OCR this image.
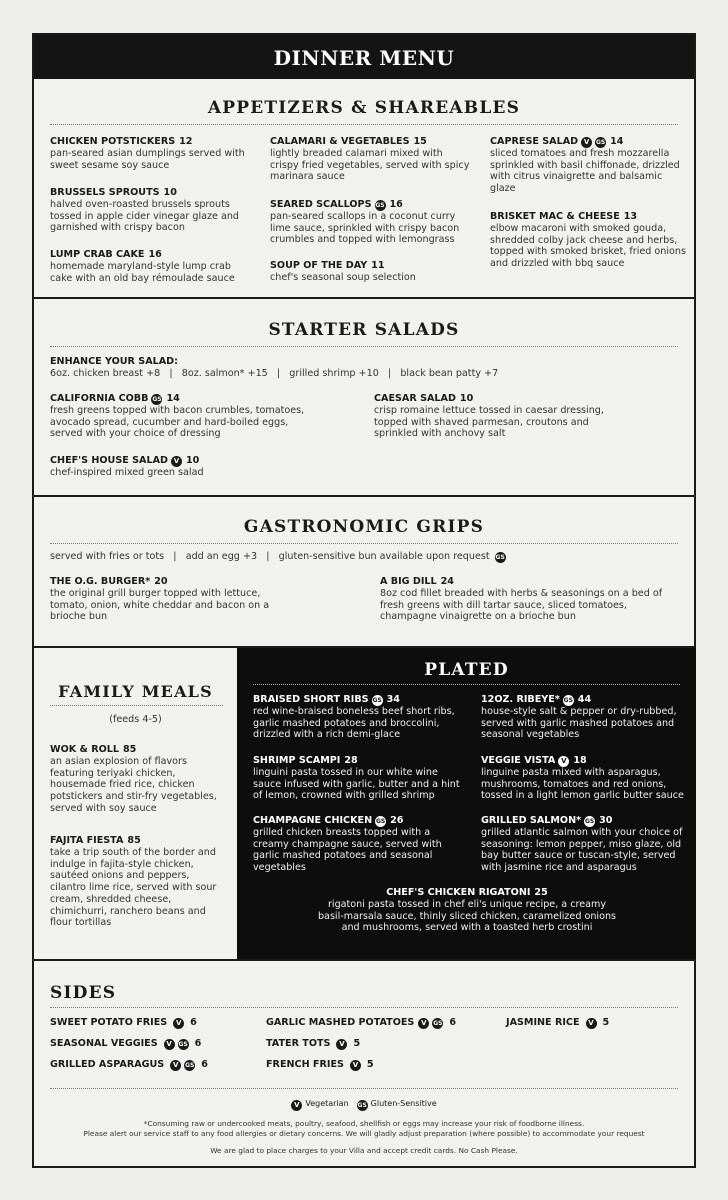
DINNER MENU
APPETIZERS & SHAREABLES
CHICKEN POTSTICKERS 12
pan-seared asian dumplings served with sweet sesame soy sauce
BRUSSELS SPROUTS 10
halved oven-roasted brussels sprouts tossed in apple cider vinegar glaze and garnished with crispy bacon
LUMP CRAB CAKE 16
homemade maryland-style lump crab cake with an old bay rémoulade sauce
CALAMARI & VEGETABLES 15
lightly breaded calamari mixed with crispy fried vegetables, served with spicy marinara sauce
SEARED SCALLOPS GS 16
pan-seared scallops in a coconut curry lime sauce, sprinkled with crispy bacon crumbles and topped with lemongrass
SOUP OF THE DAY 11
chef's seasonal soup selection
CAPRESE SALAD V GS 14
sliced tomatoes and fresh mozzarella sprinkled with basil chiffonade, drizzled with citrus vinaigrette and balsamic glaze
BRISKET MAC & CHEESE 13
elbow macaroni with smoked gouda, shredded colby jack cheese and herbs, topped with smoked brisket, fried onions and drizzled with bbq sauce
STARTER SALADS
ENHANCE YOUR SALAD:
6oz. chicken breast +8   |   8oz. salmon* +15   |   grilled shrimp +10   |   black bean patty +7
CALIFORNIA COBB GS 14
fresh greens topped with bacon crumbles, tomatoes, avocado spread, cucumber and hard-boiled eggs, served with your choice of dressing
CHEF'S HOUSE SALAD V 10
chef-inspired mixed green salad
CAESAR SALAD 10
crisp romaine lettuce tossed in caesar dressing, topped with shaved parmesan, croutons and sprinkled with anchovy salt
GASTRONOMIC GRIPS
served with fries or tots   |   add an egg +3   |   gluten-sensitive bun available upon request GS
THE O.G. BURGER* 20
the original grill burger topped with lettuce, tomato, onion, white cheddar and bacon on a brioche bun
A BIG DILL 24
8oz cod fillet breaded with herbs & seasonings on a bed of fresh greens with dill tartar sauce, sliced tomatoes, champagne vinaigrette on a brioche bun
FAMILY MEALS
(feeds 4-5)
WOK & ROLL 85
an asian explosion of flavors featuring teriyaki chicken, housemade fried rice, chicken potstickers and stir-fry vegetables, served with soy sauce
FAJITA FIESTA 85
take a trip south of the border and indulge in fajita-style chicken, sautéed onions and peppers, cilantro lime rice, served with sour cream, shredded cheese, chimichurri, ranchero beans and flour tortillas
PLATED
BRAISED SHORT RIBS GS 34
red wine-braised boneless beef short ribs, garlic mashed potatoes and broccolini, drizzled with a rich demi-glace
SHRIMP SCAMPI 28
linguini pasta tossed in our white wine sauce infused with garlic, butter and a hint of lemon, crowned with grilled shrimp
CHAMPAGNE CHICKEN GS 26
grilled chicken breasts topped with a creamy champagne sauce, served with garlic mashed potatoes and seasonal vegetables
12OZ. RIBEYE* GS 44
house-style salt & pepper or dry-rubbed, served with garlic mashed potatoes and seasonal vegetables
VEGGIE VISTA V 18
linguine pasta mixed with asparagus, mushrooms, tomatoes and red onions, tossed in a light lemon garlic butter sauce
GRILLED SALMON* GS 30
grilled atlantic salmon with your choice of seasoning: lemon pepper, miso glaze, old bay butter sauce or tuscan-style, served with jasmine rice and asparagus
CHEF'S CHICKEN RIGATONI 25
rigatoni pasta tossed in chef eli's unique recipe, a creamy basil-marsala sauce, thinly sliced chicken, caramelized onions and mushrooms, served with a toasted herb crostini
SIDES
SWEET POTATO FRIES V 6
SEASONAL VEGGIES V GS 6
GRILLED ASPARAGUS V GS 6
GARLIC MASHED POTATOES V GS 6
TATER TOTS V 5
FRENCH FRIES V 5
JASMINE RICE V 5
V Vegetarian GS Gluten-Sensitive
*Consuming raw or undercooked meats, poultry, seafood, shellfish or eggs may increase your risk of foodborne illness.
Please alert our service staff to any food allergies or dietary concerns. We will gladly adjust preparation (where possible) to accommodate your request
We are glad to place charges to your Villa and accept credit cards. No Cash Please.
